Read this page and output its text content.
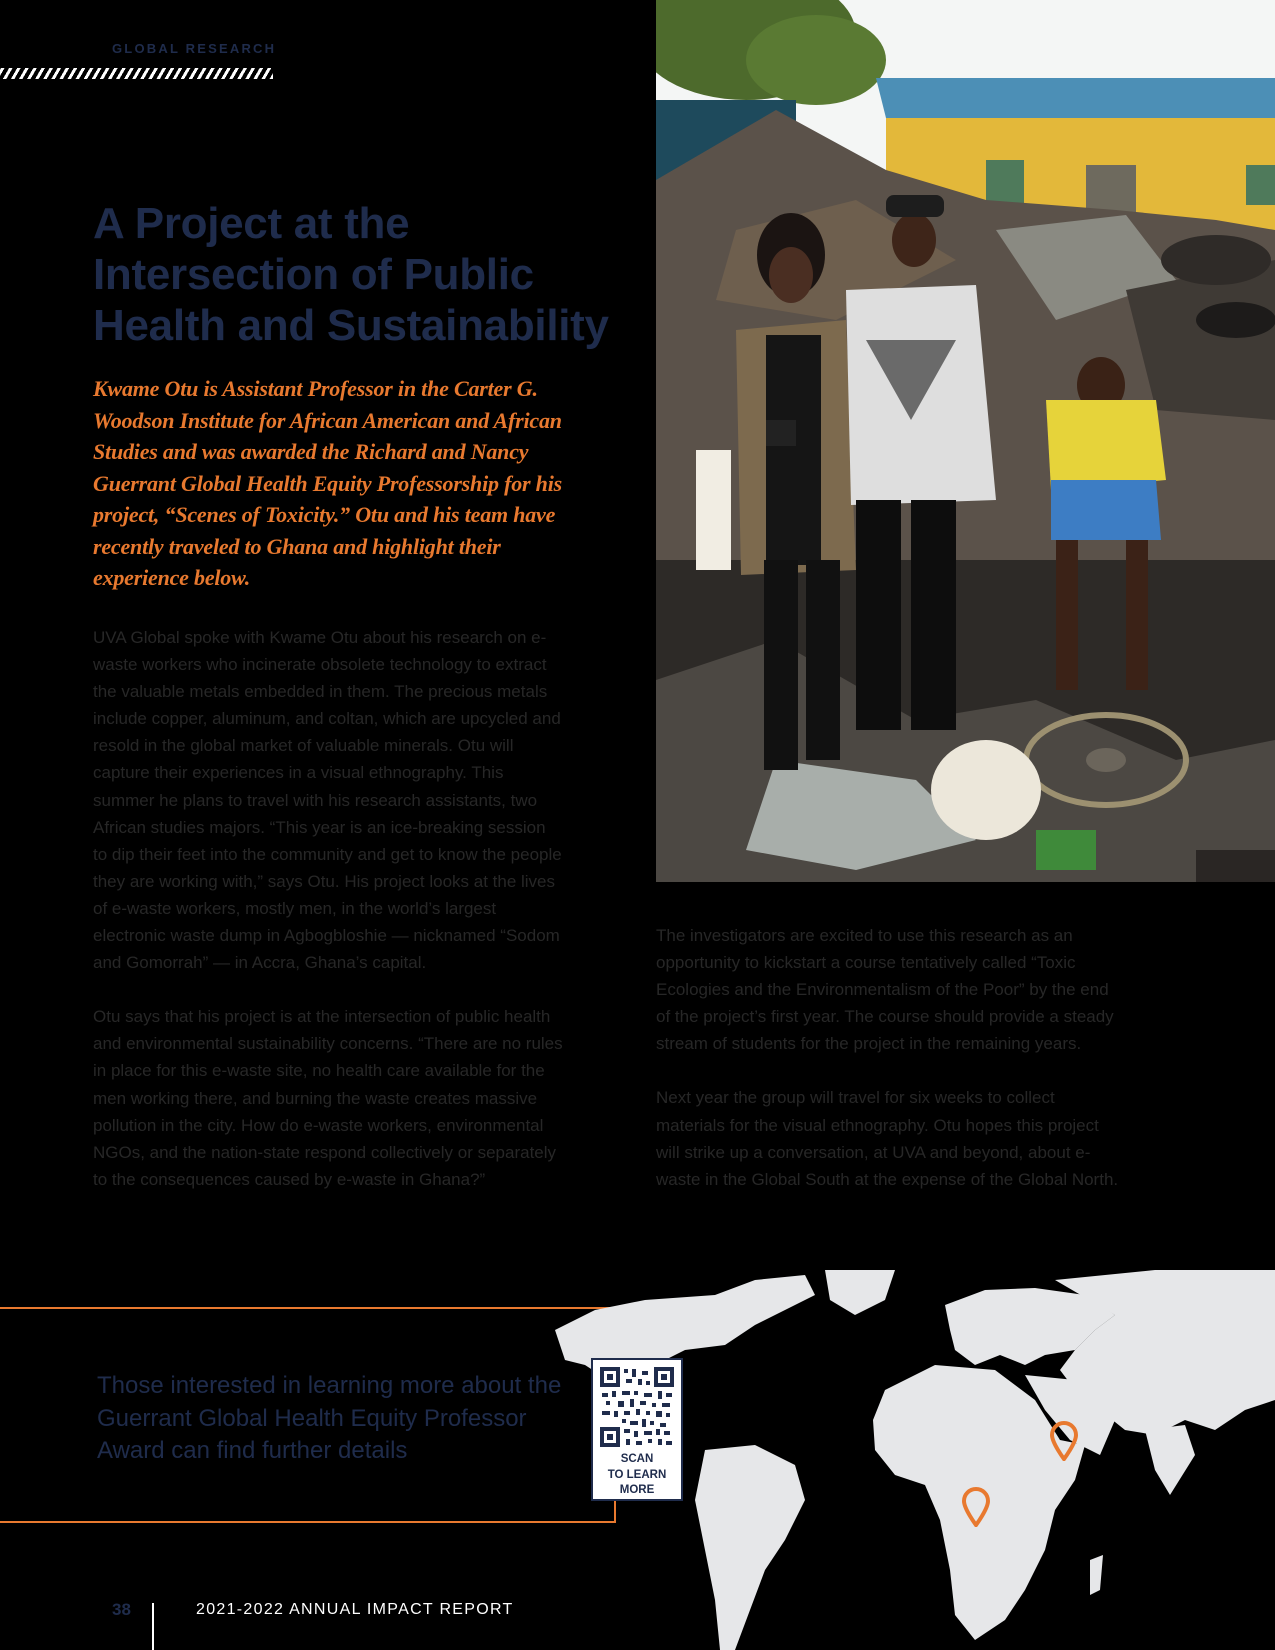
GLOBAL RESEARCH
A Project at the Intersection of Public Health and Sustainability

Kwame Otu is Assistant Professor in the Carter G. Woodson Institute for African American and African Studies and was awarded the Richard and Nancy Guerrant Global Health Equity Professorship for his project, “Scenes of Toxicity.” Otu and his team have recently traveled to Ghana and highlight their experience below.

UVA Global spoke with Kwame Otu about his research on e-waste workers who incinerate obsolete technology to extract the valuable metals embedded in them. The precious metals include copper, aluminum, and coltan, which are upcycled and resold in the global market of valuable minerals. Otu will capture their experiences in a visual ethnography. This summer he plans to travel with his research assistants, two African studies majors. “This year is an ice-breaking session to dip their feet into the community and get to know the people they are working with,” says Otu. His project looks at the lives of e-waste workers, mostly men, in the world’s largest electronic waste dump in Agbogbloshie — nicknamed “Sodom and Gomorrah” — in Accra, Ghana’s capital.

Otu says that his project is at the intersection of public health and environmental sustainability concerns. “There are no rules in place for this e-waste site, no health care available for the men working there, and burning the waste creates massive pollution in the city. How do e-waste workers, environmental NGOs, and the nation-state respond collectively or separately to the consequences caused by e-waste in Ghana?”

The investigators are excited to use this research as an opportunity to kickstart a course tentatively called “Toxic Ecologies and the Environmentalism of the Poor” by the end of the project’s first year. The course should provide a steady stream of students for the project in the remaining years.

Next year the group will travel for six weeks to collect materials for the visual ethnography. Otu hopes this project will strike up a conversation, at UVA and beyond, about e-waste in the Global South at the expense of the Global North.

Those interested in learning more about the Guerrant Global Health Equity Professor Award can find further details	SCAN
TO LEARN
MORE
38	2021-2022 ANNUAL IMPACT REPORT
